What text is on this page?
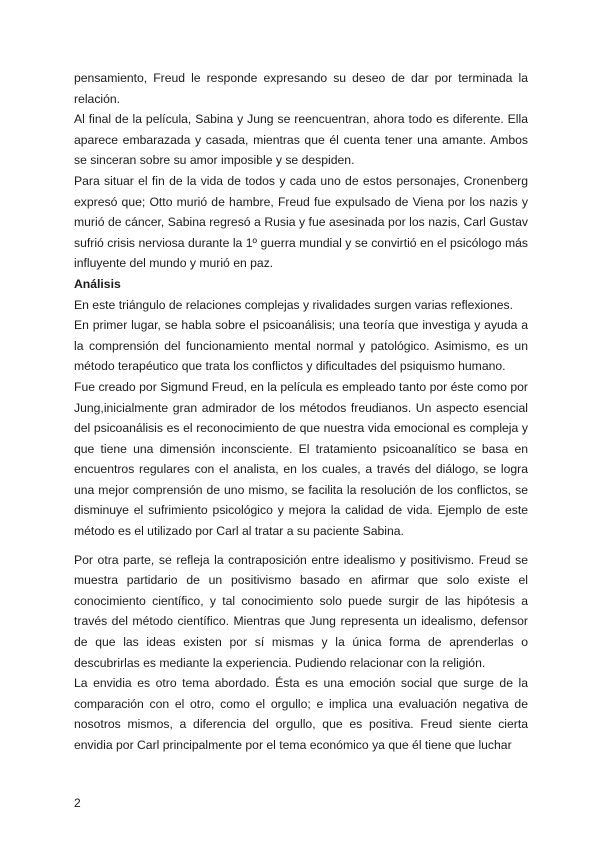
pensamiento, Freud le responde expresando su deseo de dar por terminada la relación.

Al final de la película, Sabina y Jung se reencuentran, ahora todo es diferente. Ella aparece embarazada y casada, mientras que él cuenta tener una amante. Ambos se sinceran sobre su amor imposible y se despiden.

Para situar el fin de la vida de todos y cada uno de estos personajes, Cronenberg expresó que; Otto murió de hambre, Freud fue expulsado de Viena por los nazis y murió de cáncer, Sabina regresó a Rusia y fue asesinada por los nazis, Carl Gustav sufrió crisis nerviosa durante la 1º guerra mundial y se convirtió en el psicólogo más influyente del mundo y murió en paz.

Análisis

En este triángulo de relaciones complejas y rivalidades surgen varias reflexiones.

En primer lugar, se habla sobre el psicoanálisis; una teoría que investiga y ayuda a la comprensión del funcionamiento mental normal y patológico. Asimismo, es un método terapéutico que trata los conflictos y dificultades del psiquismo humano.

Fue creado por Sigmund Freud, en la película es empleado tanto por éste como por Jung,inicialmente gran admirador de los métodos freudianos. Un aspecto esencial del psicoanálisis es el reconocimiento de que nuestra vida emocional es compleja y que tiene una dimensión inconsciente. El tratamiento psicoanalítico se basa en encuentros regulares con el analista, en los cuales, a través del diálogo, se logra una mejor comprensión de uno mismo, se facilita la resolución de los conflictos, se disminuye el sufrimiento psicológico y mejora la calidad de vida. Ejemplo de este método es el utilizado por Carl al tratar a su paciente Sabina.

Por otra parte, se refleja la contraposición entre idealismo y positivismo. Freud se muestra partidario de un positivismo basado en afirmar que solo existe el conocimiento científico, y tal conocimiento solo puede surgir de las hipótesis a través del método científico. Mientras que Jung representa un idealismo, defensor de que las ideas existen por sí mismas y la única forma de aprenderlas o descubrirlas es mediante la experiencia. Pudiendo relacionar con la religión.

La envidia es otro tema abordado. Ésta es una emoción social que surge de la comparación con el otro, como el orgullo; e implica una evaluación negativa de nosotros mismos, a diferencia del orgullo, que es positiva. Freud siente cierta envidia por Carl principalmente por el tema económico ya que él tiene que luchar

2
